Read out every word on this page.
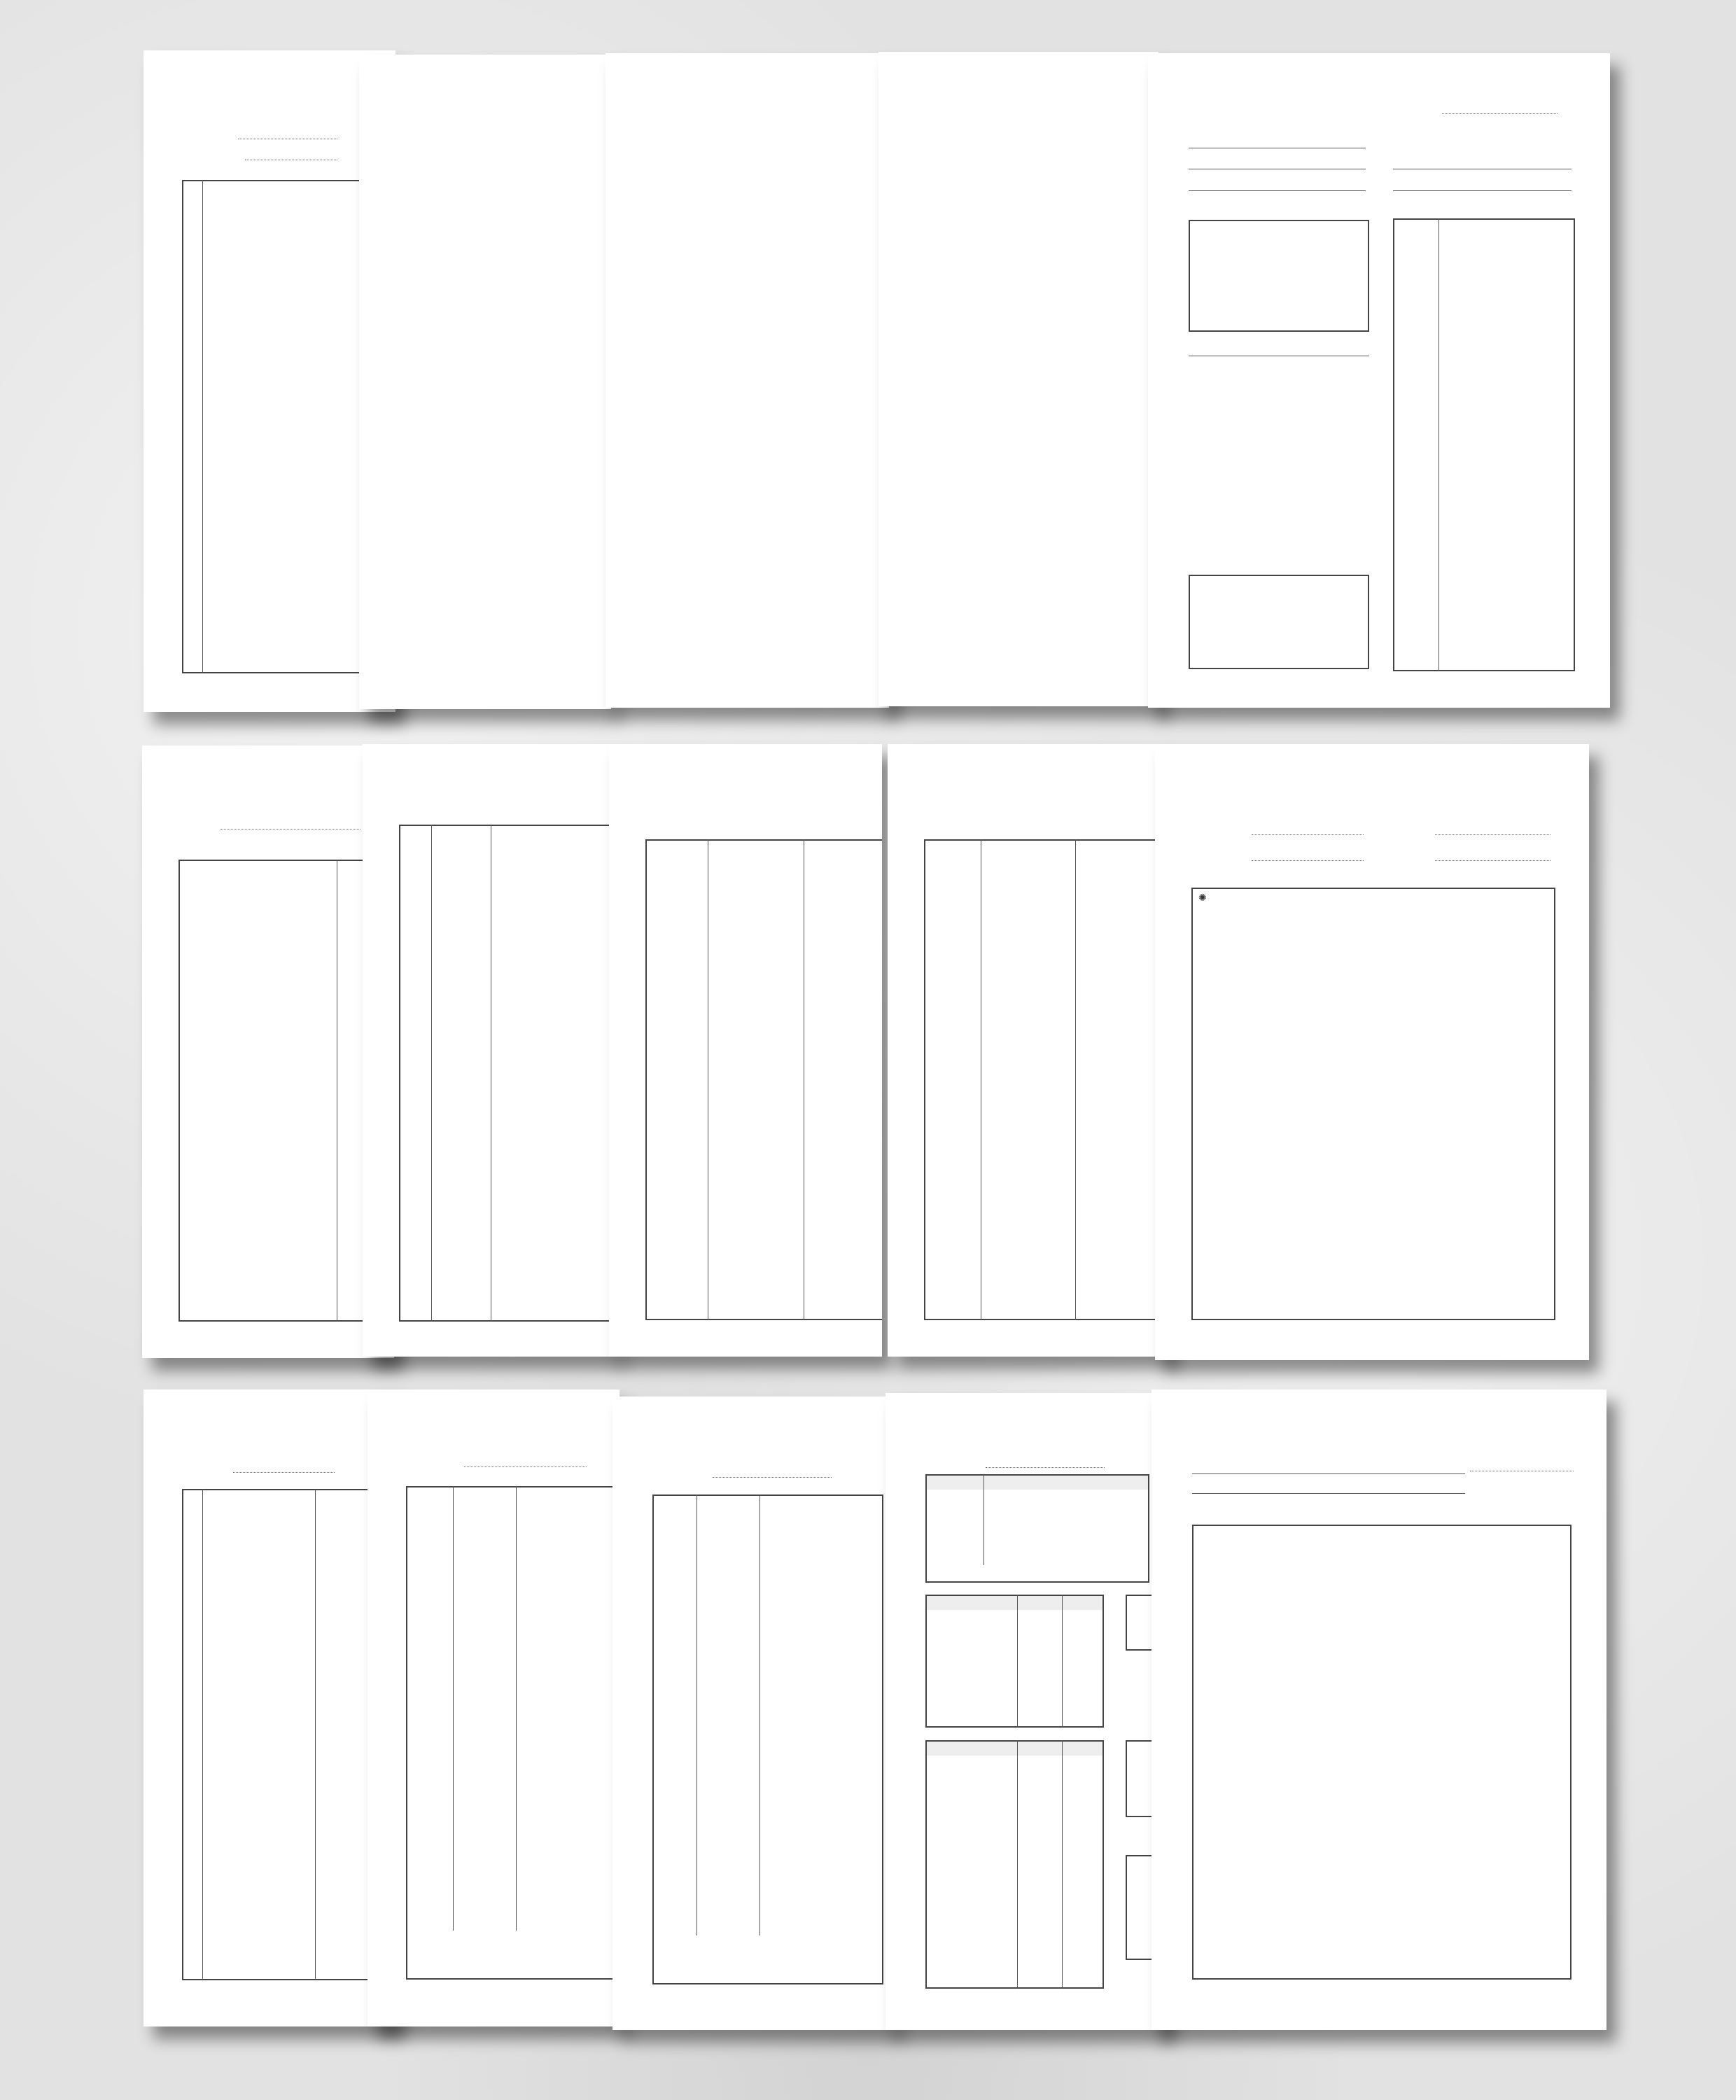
✺
